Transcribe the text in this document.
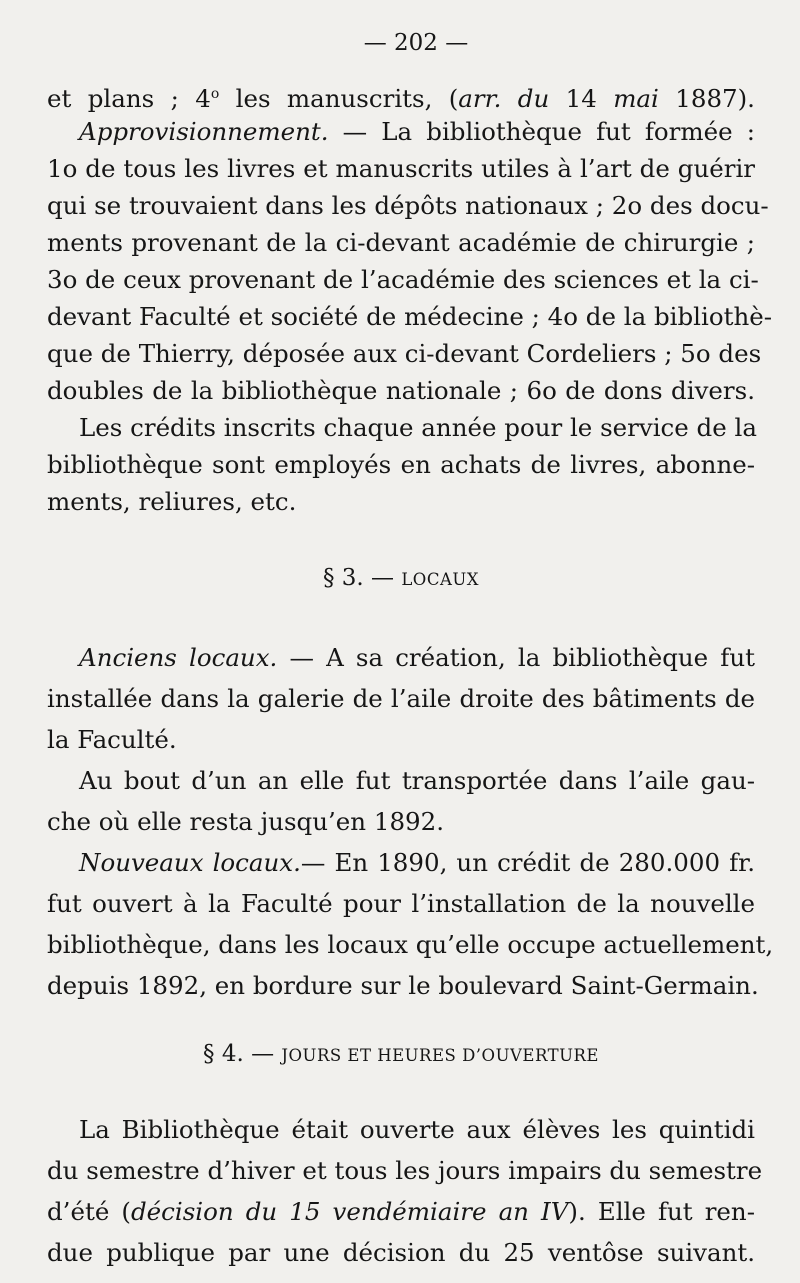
— 202 —
et plans ; 4$^o$ les manuscrits, (arr. du 14 mai 1887).
Approvisionnement. — La bibliothèque fut formée :
1o de tous les livres et manuscrits utiles à l’art de guérir
qui se trouvaient dans les dépôts nationaux ; 2o des docu-
ments provenant de la ci-devant académie de chirurgie ;
3o de ceux provenant de l’académie des sciences et la ci-
devant Faculté et société de médecine ; 4o de la bibliothè-
que de Thierry, déposée aux ci-devant Cordeliers ; 5o des
doubles de la bibliothèque nationale ; 6o de dons divers.
Les crédits inscrits chaque année pour le service de la
bibliothèque sont employés en achats de livres, abonne-
ments, reliures, etc.
§ 3. — LOCAUX
Anciens locaux. — A sa création, la bibliothèque fut
installée dans la galerie de l’aile droite des bâtiments de
la Faculté.
Au bout d’un an elle fut transportée dans l’aile gau-
che où elle resta jusqu’en 1892.
Nouveaux locaux.— En 1890, un crédit de 280.000 fr.
fut ouvert à la Faculté pour l’installation de la nouvelle
bibliothèque, dans les locaux qu’elle occupe actuellement,
depuis 1892, en bordure sur le boulevard Saint-Germain.
§ 4. — JOURS ET HEURES D’OUVERTURE
La Bibliothèque était ouverte aux élèves les quintidi
du semestre d’hiver et tous les jours impairs du semestre
d’été (décision du 15 vendémiaire an IV). Elle fut ren-
due publique par une décision du 25 ventôse suivant.
